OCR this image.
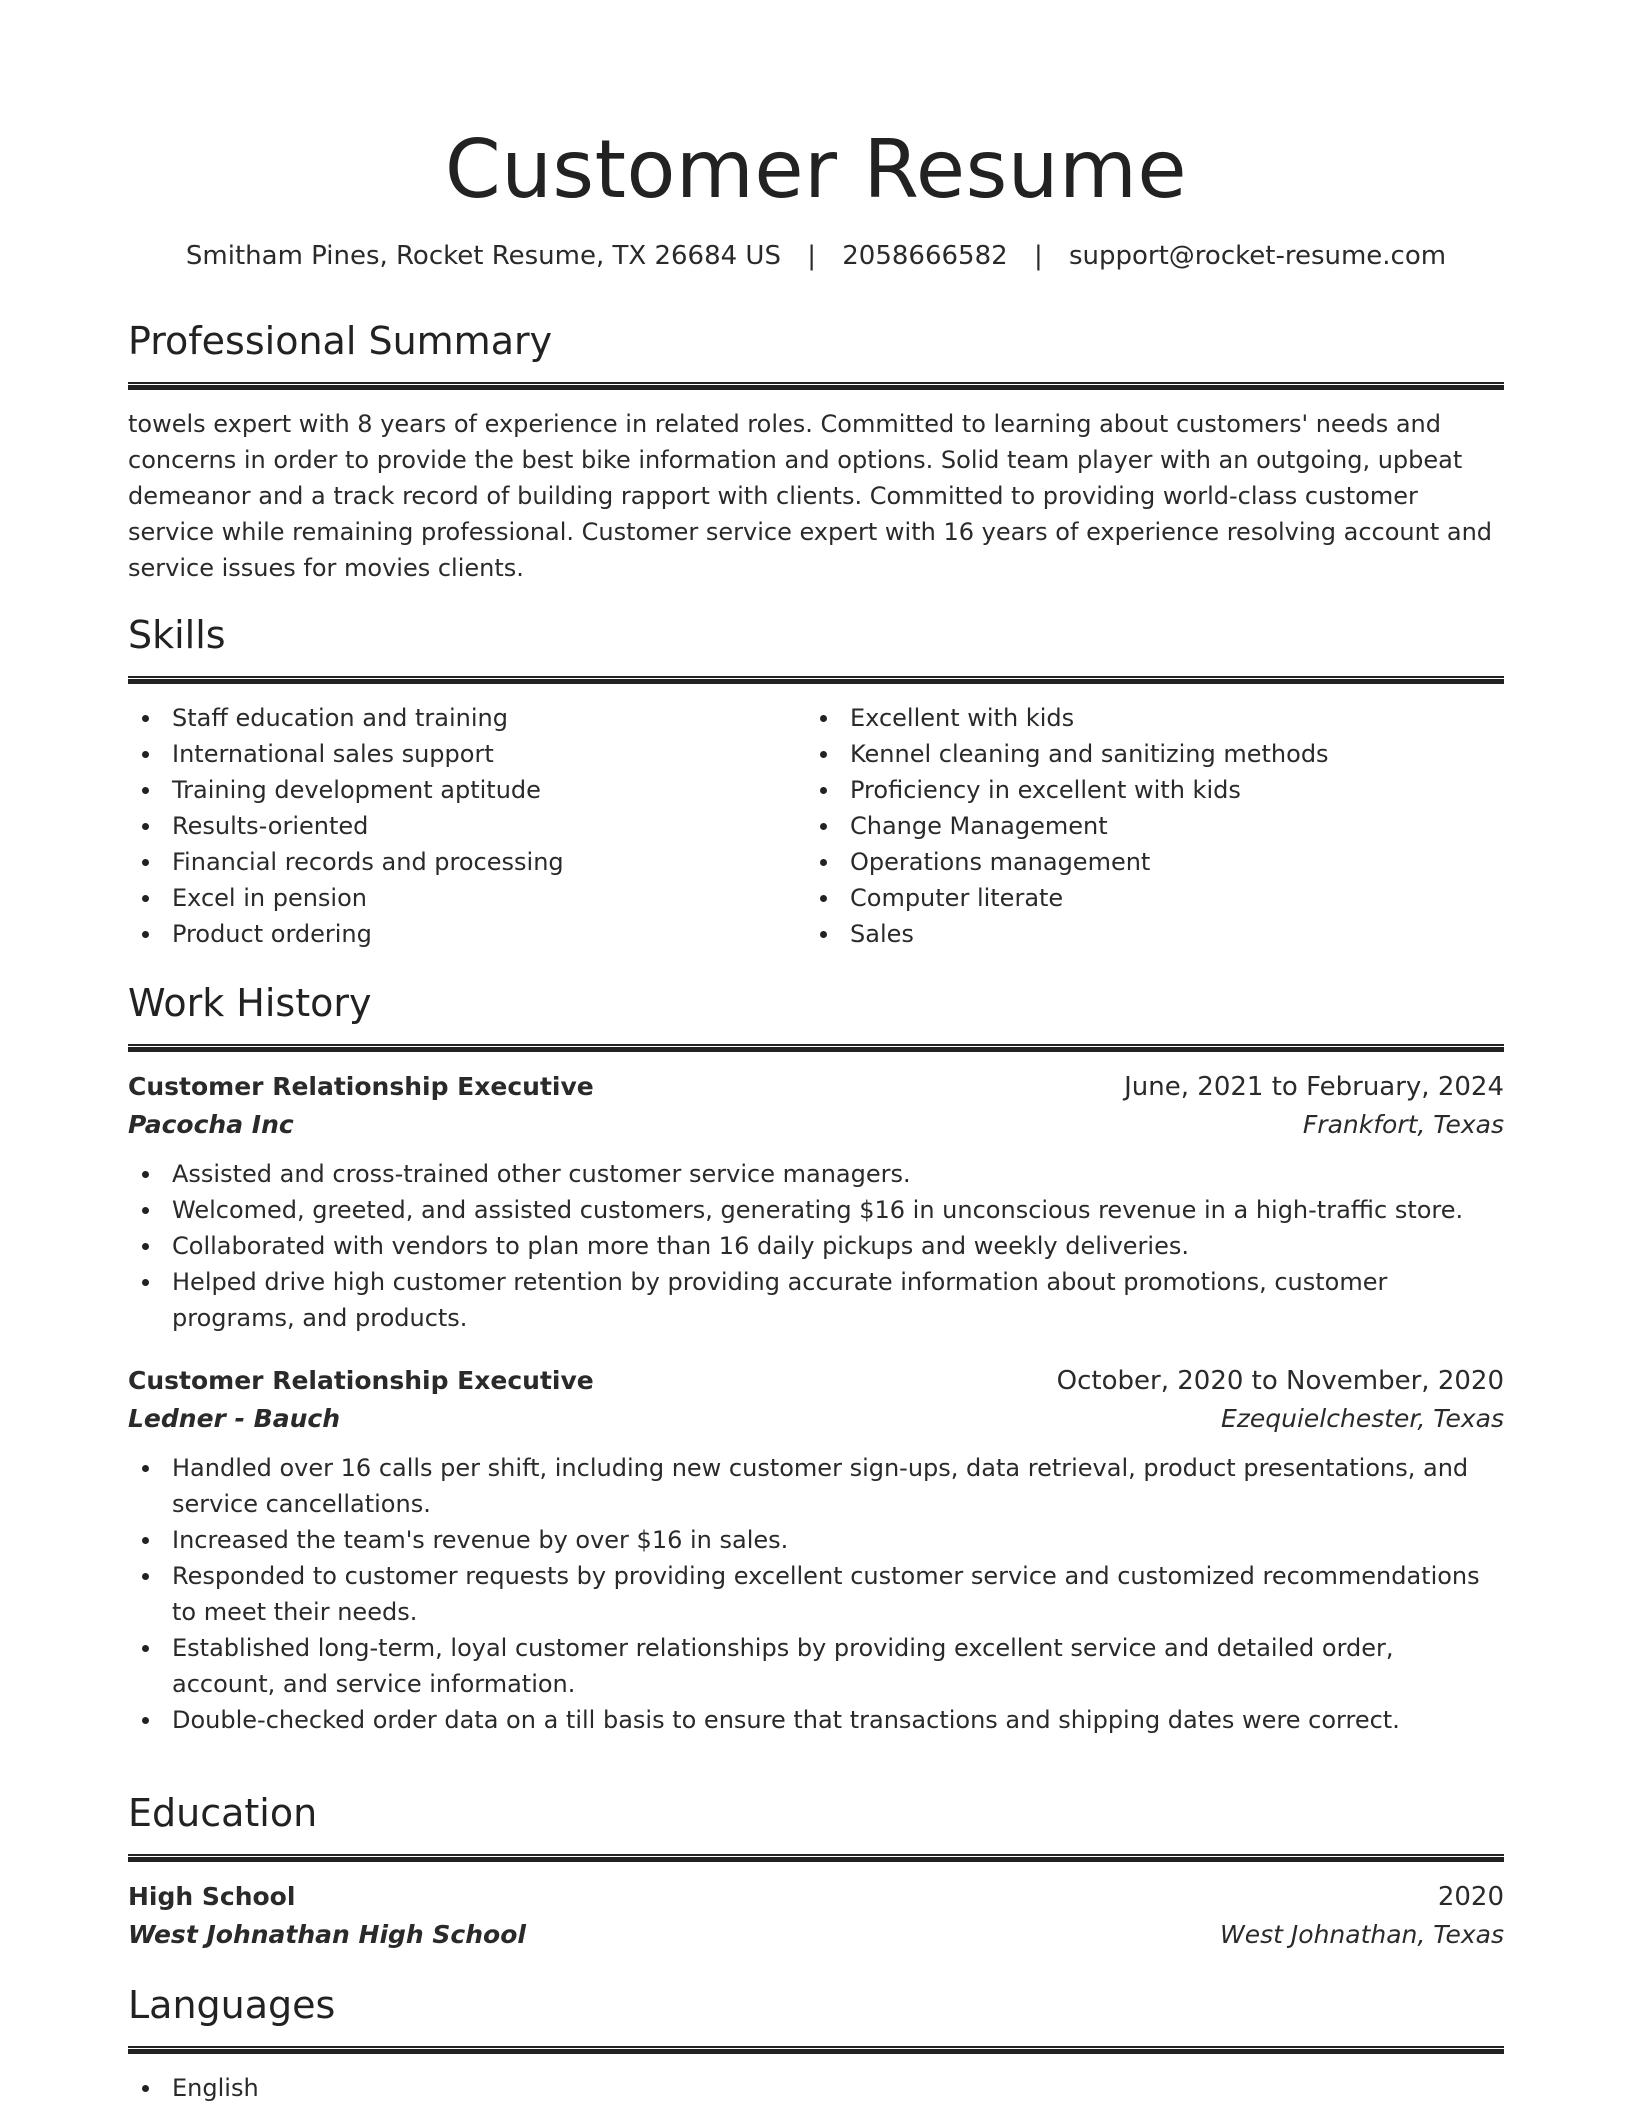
Customer Resume
Smitham Pines, Rocket Resume, TX 26684 US | 2058666582 | support@rocket-resume.com
Professional Summary

towels expert with 8 years of experience in related roles. Committed to learning about customers' needs and concerns in order to provide the best bike information and options. Solid team player with an outgoing, upbeat demeanor and a track record of building rapport with clients. Committed to providing world-class customer service while remaining professional. Customer service expert with 16 years of experience resolving account and service issues for movies clients.

Skills
Staff education and training
International sales support
Training development aptitude
Results-oriented
Financial records and processing
Excel in pension
Product ordering
Excellent with kids
Kennel cleaning and sanitizing methods
Proficiency in excellent with kids
Change Management
Operations management
Computer literate
Sales
Work History
Customer Relationship Executive	June, 2021 to February, 2024
Pacocha Inc	Frankfort, Texas
Assisted and cross-trained other customer service managers.
Welcomed, greeted, and assisted customers, generating $16 in unconscious revenue in a high-traffic store.
Collaborated with vendors to plan more than 16 daily pickups and weekly deliveries.
Helped drive high customer retention by providing accurate information about promotions, customer programs, and products.
Customer Relationship Executive	October, 2020 to November, 2020
Ledner - Bauch	Ezequielchester, Texas
Handled over 16 calls per shift, including new customer sign-ups, data retrieval, product presentations, and service cancellations.
Increased the team's revenue by over $16 in sales.
Responded to customer requests by providing excellent customer service and customized recommendations to meet their needs.
Established long-term, loyal customer relationships by providing excellent service and detailed order, account, and service information.
Double-checked order data on a till basis to ensure that transactions and shipping dates were correct.
Education
High School	2020
West Johnathan High School	West Johnathan, Texas
Languages
English
